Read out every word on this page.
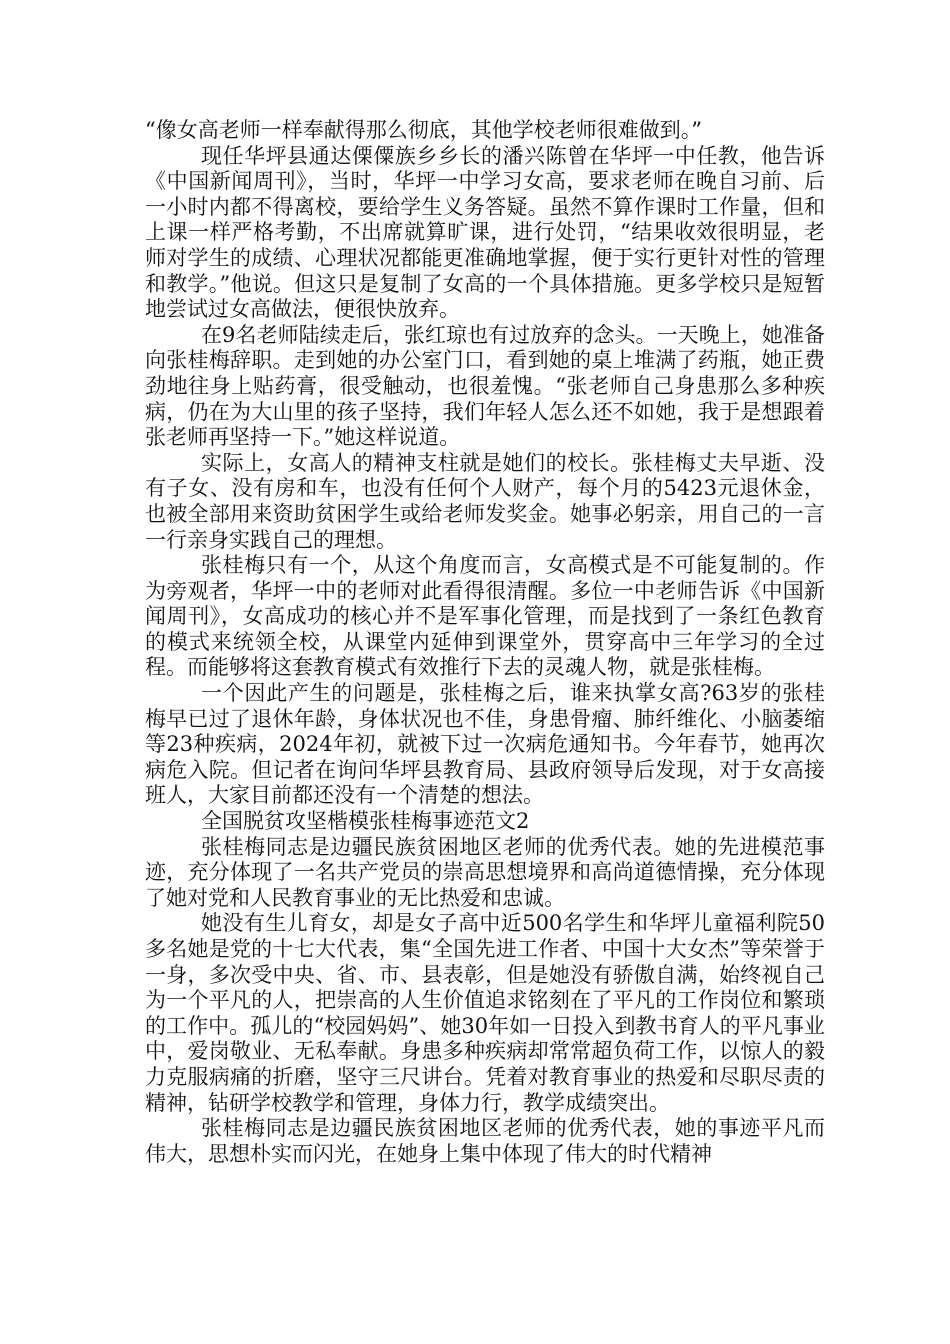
“像女高老师一样奉献得那么彻底，其他学校老师很难做到。”

现任华坪县通达傈僳族乡乡长的潘兴陈曾在华坪一中任教，他告诉《中国新闻周刊》，当时，华坪一中学习女高，要求老师在晚自习前、后一小时内都不得离校，要给学生义务答疑。虽然不算作课时工作量，但和上课一样严格考勤，不出席就算旷课，进行处罚，“结果收效很明显，老师对学生的成绩、心理状况都能更准确地掌握，便于实行更针对性的管理和教学。”他说。但这只是复制了女高的一个具体措施。更多学校只是短暂地尝试过女高做法，便很快放弃。

在9名老师陆续走后，张红琼也有过放弃的念头。一天晚上，她准备向张桂梅辞职。走到她的办公室门口，看到她的桌上堆满了药瓶，她正费劲地往身上贴药膏，很受触动，也很羞愧。“张老师自己身患那么多种疾病，仍在为大山里的孩子坚持，我们年轻人怎么还不如她，我于是想跟着张老师再坚持一下。”她这样说道。

实际上，女高人的精神支柱就是她们的校长。张桂梅丈夫早逝、没有子女、没有房和车，也没有任何个人财产，每个月的5423元退休金，也被全部用来资助贫困学生或给老师发奖金。她事必躬亲，用自己的一言一行亲身实践自己的理想。

张桂梅只有一个，从这个角度而言，女高模式是不可能复制的。作为旁观者，华坪一中的老师对此看得很清醒。多位一中老师告诉《中国新闻周刊》，女高成功的核心并不是军事化管理，而是找到了一条红色教育的模式来统领全校，从课堂内延伸到课堂外，贯穿高中三年学习的全过程。而能够将这套教育模式有效推行下去的灵魂人物，就是张桂梅。

一个因此产生的问题是，张桂梅之后，谁来执掌女高?63岁的张桂梅早已过了退休年龄，身体状况也不佳，身患骨瘤、肺纤维化、小脑萎缩等23种疾病，2024年初，就被下过一次病危通知书。今年春节，她再次病危入院。但记者在询问华坪县教育局、县政府领导后发现，对于女高接班人，大家目前都还没有一个清楚的想法。

全国脱贫攻坚楷模张桂梅事迹范文2

张桂梅同志是边疆民族贫困地区老师的优秀代表。她的先进模范事迹，充分体现了一名共产党员的崇高思想境界和高尚道德情操，充分体现了她对党和人民教育事业的无比热爱和忠诚。

她没有生儿育女，却是女子高中近500名学生和华坪儿童福利院50多名她是党的十七大代表，集“全国先进工作者、中国十大女杰”等荣誉于一身，多次受中央、省、市、县表彰，但是她没有骄傲自满，始终视自己为一个平凡的人，把崇高的人生价值追求铭刻在了平凡的工作岗位和繁琐的工作中。孤儿的“校园妈妈”、她30年如一日投入到教书育人的平凡事业中，爱岗敬业、无私奉献。身患多种疾病却常常超负荷工作，以惊人的毅力克服病痛的折磨，坚守三尺讲台。凭着对教育事业的热爱和尽职尽责的精神，钻研学校教学和管理，身体力行，教学成绩突出。

张桂梅同志是边疆民族贫困地区老师的优秀代表，她的事迹平凡而伟大，思想朴实而闪光，在她身上集中体现了伟大的时代精神
